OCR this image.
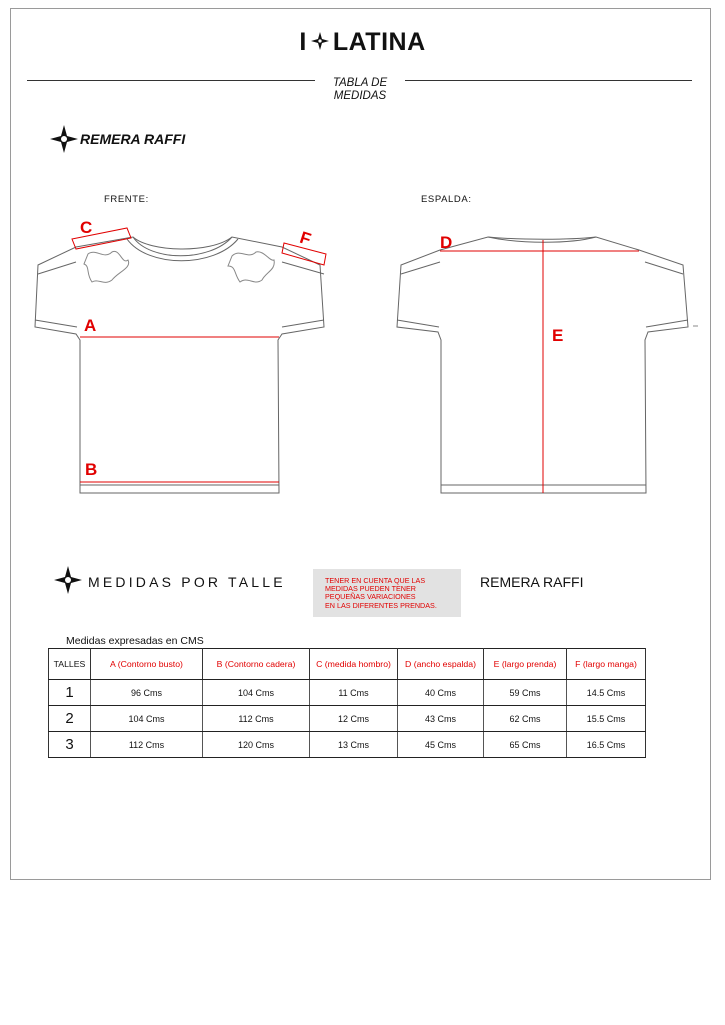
I LATINA
TABLA DE
MEDIDAS
REMERA RAFFI
FRENTE:	ESPALDA:
C
F
A
B
D
E
MEDIDAS POR TALLE	TENER EN CUENTA QUE LAS
MEDIDAS PUEDEN TENER
PEQUEÑAS VARIACIONES
EN LAS DIFERENTES PRENDAS.
REMERA RAFFI
Medidas expresadas en CMS
TALLES	A (Contorno busto)	B (Contorno cadera)	C (medida hombro)	D (ancho espalda)	E (largo prenda)	F (largo manga)
1	96 Cms	104 Cms	11 Cms	40 Cms	59 Cms	14.5 Cms
2	104 Cms	112 Cms	12 Cms	43 Cms	62 Cms	15.5 Cms
3	112 Cms	120 Cms	13 Cms	45 Cms	65 Cms	16.5 Cms
